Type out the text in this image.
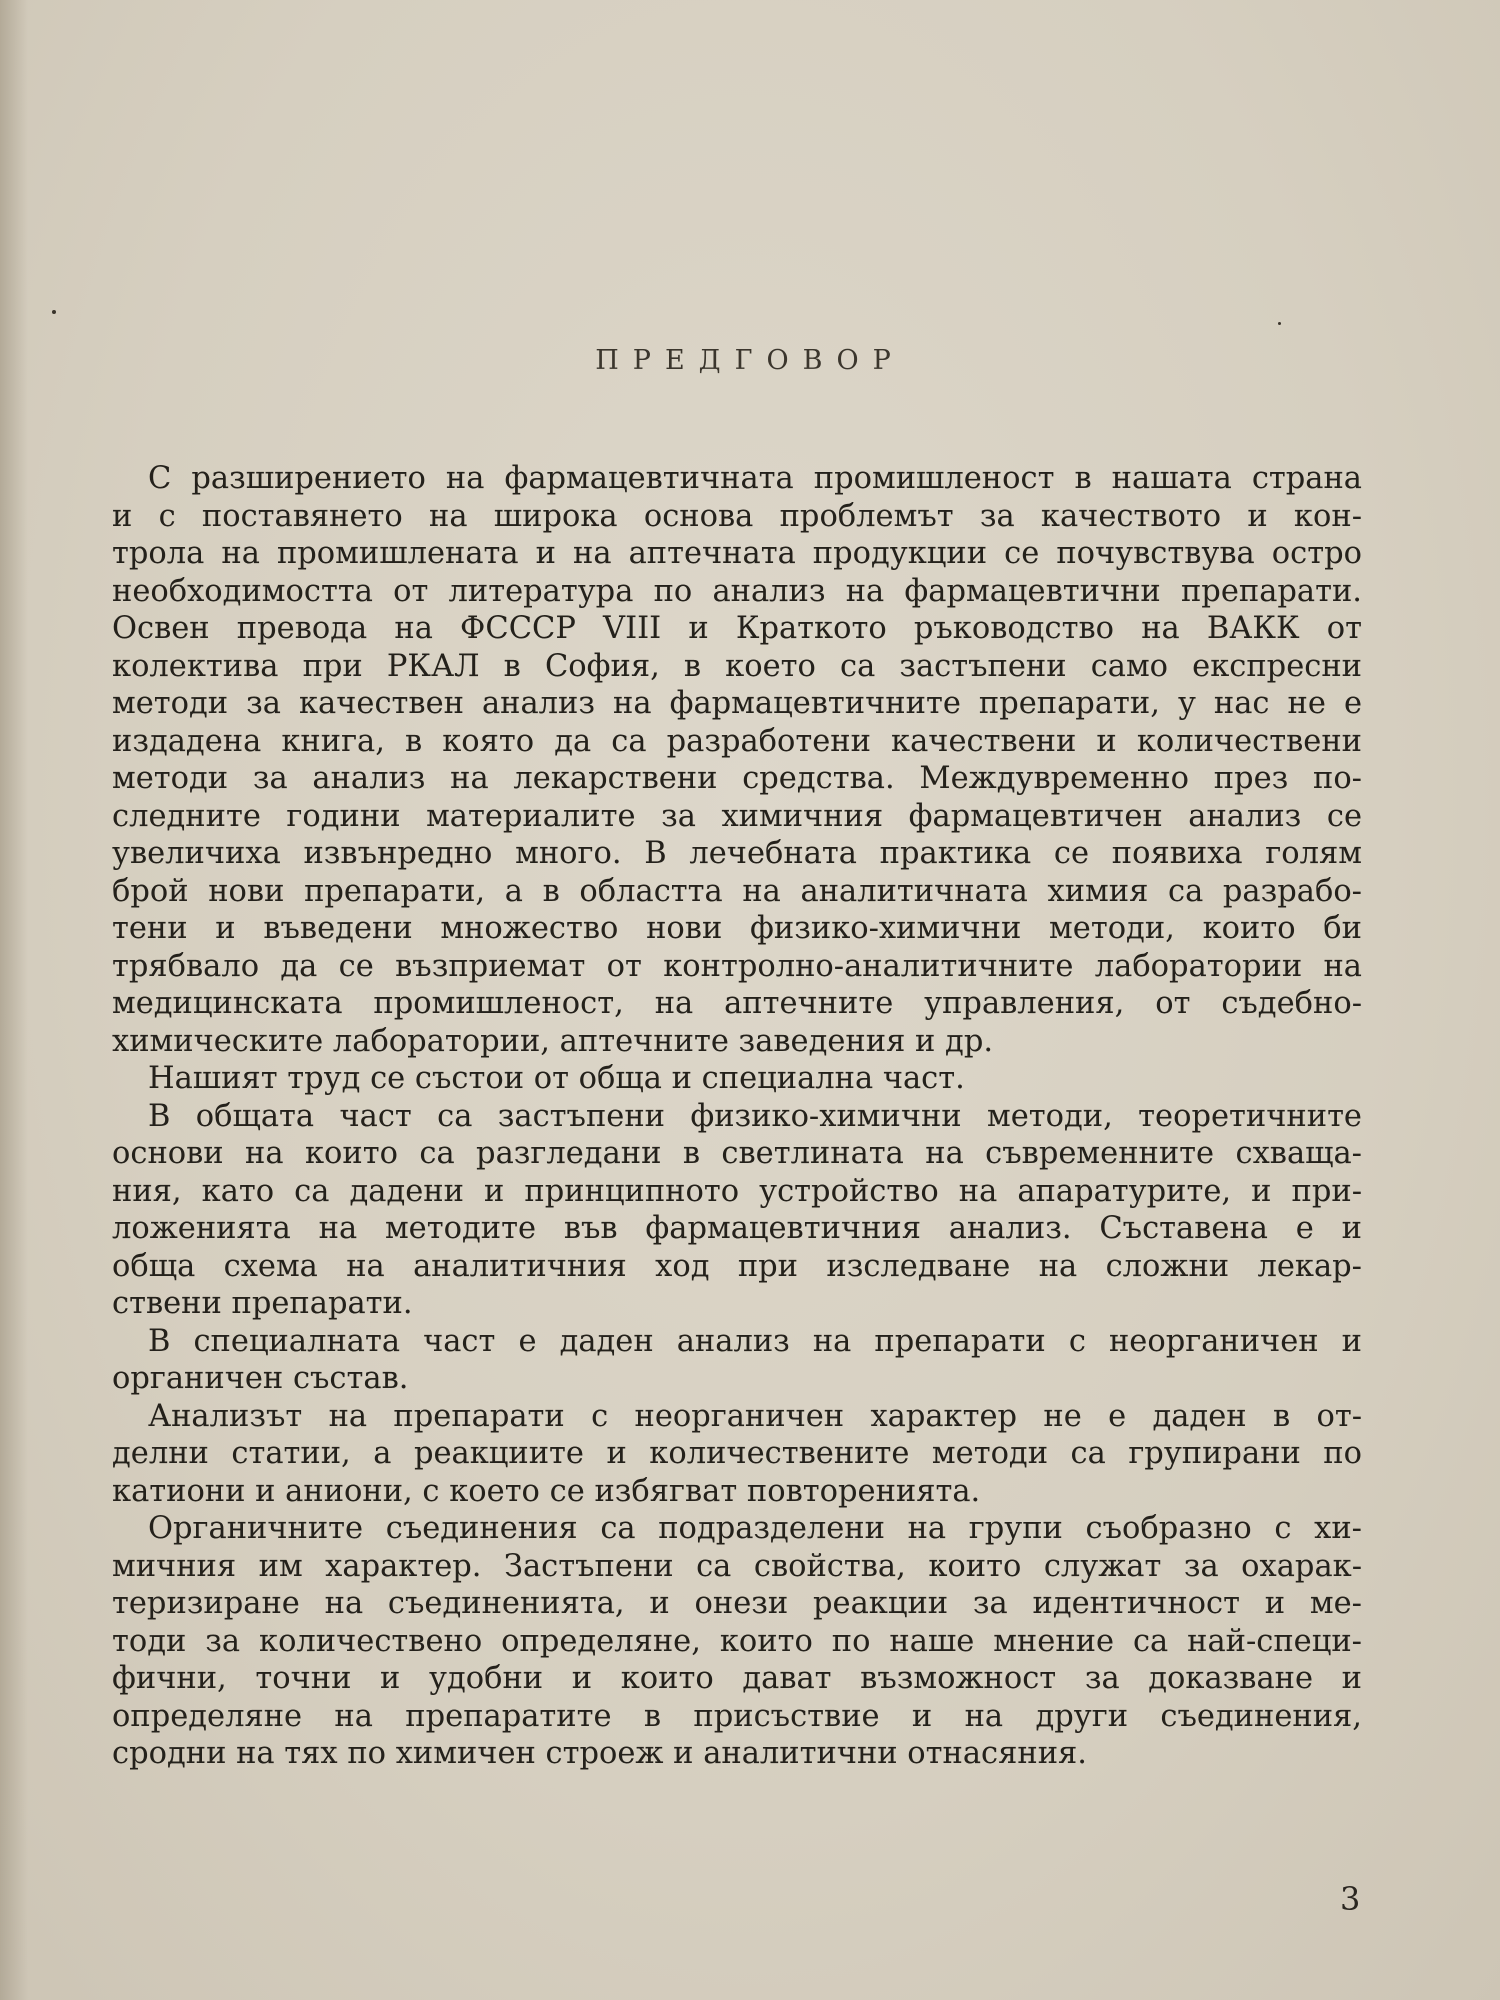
ПРЕДГОВОР
С разширението на фармацевтичната промишленост в нашата страна
и с поставянето на широка основа проблемът за качеството и кон-
трола на промишлената и на аптечната продукции се почувствува остро
необходимостта от литература по анализ на фармацевтични препарати.
Освен превода на ФСССР VIII и Краткото ръководство на ВАКК от
колектива при РКАЛ в София, в което са застъпени само експресни
методи за качествен анализ на фармацевтичните препарати, у нас не е
издадена книга, в която да са разработени качествени и количествени
методи за анализ на лекарствени средства. Междувременно през по-
следните години материалите за химичния фармацевтичен анализ се
увеличиха извънредно много. В лечебната практика се появиха голям
брой нови препарати, а в областта на аналитичната химия са разрабо-
тени и въведени множество нови физико-химични методи, които би
трябвало да се възприемат от контролно-аналитичните лаборатории на
медицинската промишленост, на аптечните управления, от съдебно-
химическите лаборатории, аптечните заведения и др.
Нашият труд се състои от обща и специална част.
В общата част са застъпени физико-химични методи, теоретичните
основи на които са разгледани в светлината на съвременните схваща-
ния, като са дадени и принципното устройство на апаратурите, и при-
ложенията на методите във фармацевтичния анализ. Съставена е и
обща схема на аналитичния ход при изследване на сложни лекар-
ствени препарати.
В специалната част е даден анализ на препарати с неорганичен и
органичен състав.
Анализът на препарати с неорганичен характер не е даден в от-
делни статии, а реакциите и количествените методи са групирани по
катиони и аниони, с което се избягват повторенията.
Органичните съединения са подразделени на групи съобразно с хи-
мичния им характер. Застъпени са свойства, които служат за охарак-
теризиране на съединенията, и онези реакции за идентичност и ме-
тоди за количествено определяне, които по наше мнение са най-специ-
фични, точни и удобни и които дават възможност за доказване и
определяне на препаратите в присъствие и на други съединения,
сродни на тях по химичен строеж и аналитични отнасяния.
3
